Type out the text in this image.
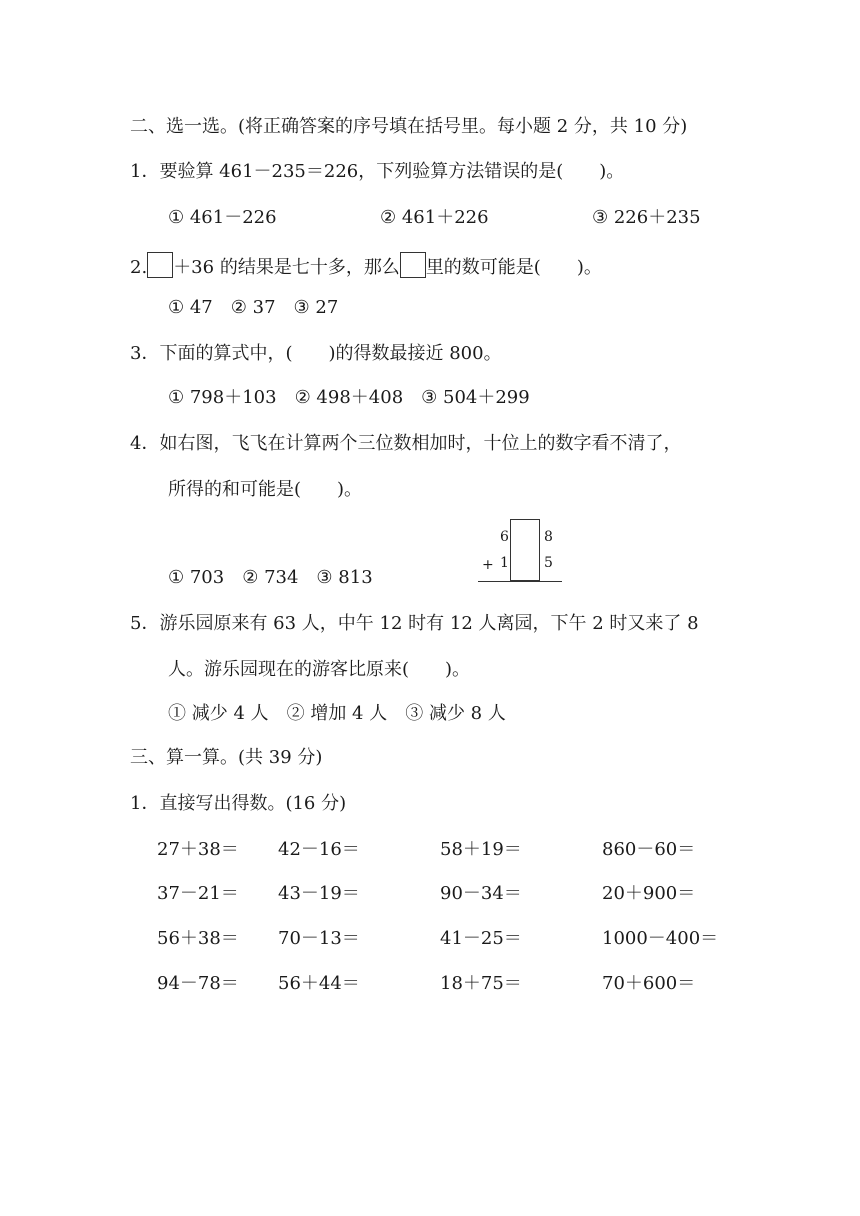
二、选一选。(将正确答案的序号填在括号里。每小题 2 分，共 10 分)
1．要验算 461－235＝226，下列验算方法错误的是(　　)。
① 461－226	② 461＋226	③ 226＋235
2. ＋36 的结果是七十多，那么 里的数可能是(　　)。
① 47　② 37　③ 27
3．下面的算式中，(　　)的得数最接近 800。
① 798＋103　② 498＋408　③ 504＋299
4．如右图，飞飞在计算两个三位数相加时，十位上的数字看不清了，
所得的和可能是(　　)。
① 703　② 734　③ 813
6	8
+ 1	5
5．游乐园原来有 63 人，中午 12 时有 12 人离园，下午 2 时又来了 8
人。游乐园现在的游客比原来(　　)。
① 减少 4 人　② 增加 4 人　③ 减少 8 人
三、算一算。(共 39 分)
1．直接写出得数。(16 分)
27＋38＝ 42－16＝	58＋19＝	860－60＝
37－21＝ 43－19＝	90－34＝	20＋900＝
56＋38＝ 70－13＝	41－25＝	1000－400＝
94－78＝ 56＋44＝	18＋75＝	70＋600＝
